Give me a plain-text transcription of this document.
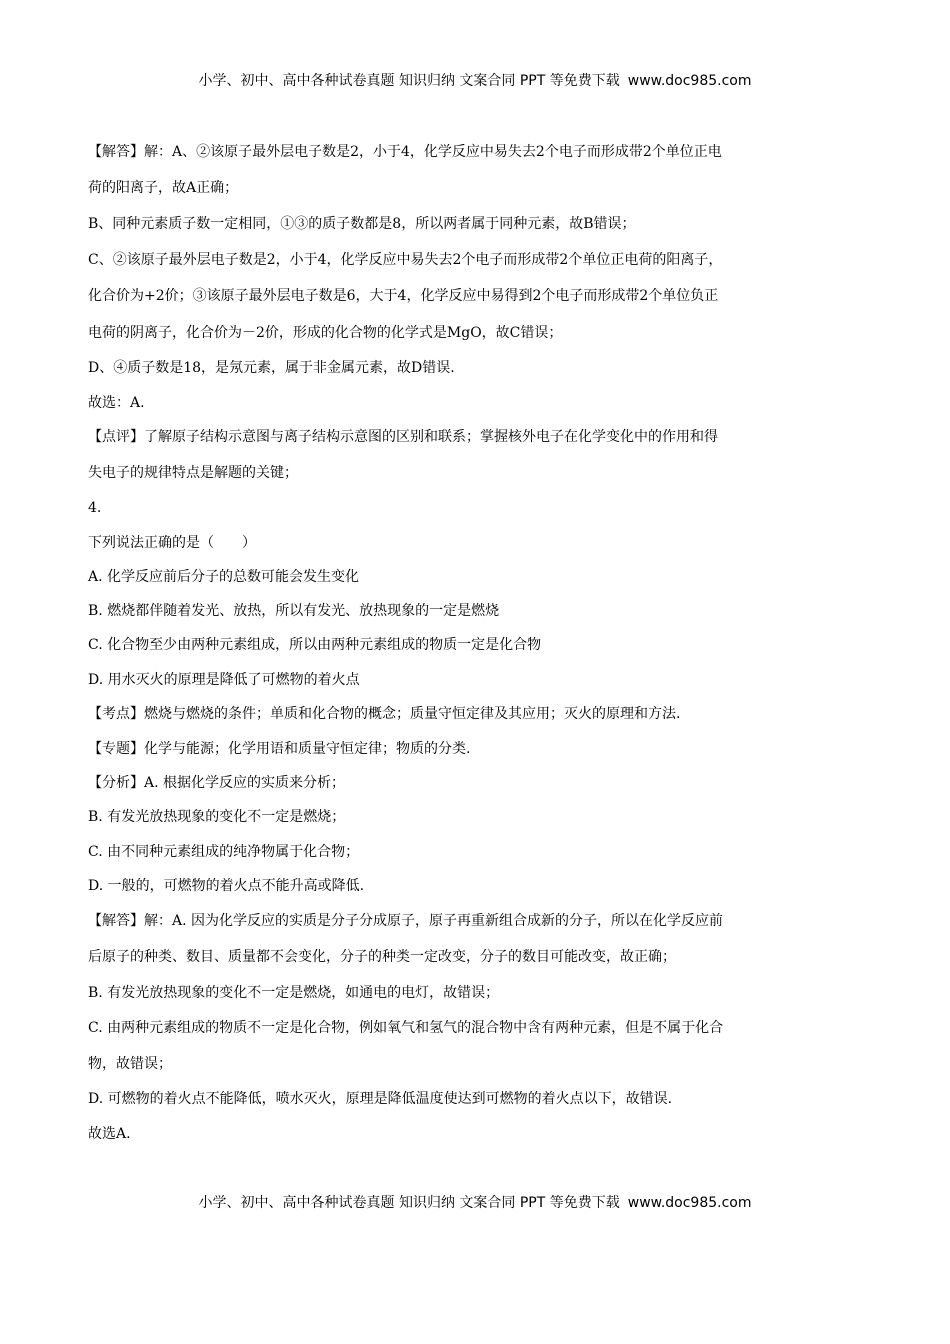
小学、初中、高中各种试卷真题 知识归纳 文案合同 PPT 等免费下载 www.doc985.com
【解答】解：A、②该原子最外层电子数是2，小于4，化学反应中易失去2个电子而形成带2个单位正电
荷的阳离子，故A正确；
B、同种元素质子数一定相同，①③的质子数都是8，所以两者属于同种元素，故B错误；
C、②该原子最外层电子数是2，小于4，化学反应中易失去2个电子而形成带2个单位正电荷的阳离子，
化合价为+2价；③该原子最外层电子数是6，大于4，化学反应中易得到2个电子而形成带2个单位负正
电荷的阴离子，化合价为－2价，形成的化合物的化学式是MgO，故C错误；
D、④质子数是18，是氖元素，属于非金属元素，故D错误.
故选：A.
【点评】了解原子结构示意图与离子结构示意图的区别和联系；掌握核外电子在化学变化中的作用和得
失电子的规律特点是解题的关键；
4.
下列说法正确的是（　　）
A. 化学反应前后分子的总数可能会发生变化
B. 燃烧都伴随着发光、放热，所以有发光、放热现象的一定是燃烧
C. 化合物至少由两种元素组成，所以由两种元素组成的物质一定是化合物
D. 用水灭火的原理是降低了可燃物的着火点
【考点】燃烧与燃烧的条件；单质和化合物的概念；质量守恒定律及其应用；灭火的原理和方法.
【专题】化学与能源；化学用语和质量守恒定律；物质的分类.
【分析】A. 根据化学反应的实质来分析；
B. 有发光放热现象的变化不一定是燃烧；
C. 由不同种元素组成的纯净物属于化合物；
D. 一般的，可燃物的着火点不能升高或降低.
【解答】解：A. 因为化学反应的实质是分子分成原子，原子再重新组合成新的分子，所以在化学反应前
后原子的种类、数目、质量都不会变化，分子的种类一定改变，分子的数目可能改变，故正确；
B. 有发光放热现象的变化不一定是燃烧，如通电的电灯，故错误；
C. 由两种元素组成的物质不一定是化合物，例如氧气和氢气的混合物中含有两种元素，但是不属于化合
物，故错误；
D. 可燃物的着火点不能降低，喷水灭火，原理是降低温度使达到可燃物的着火点以下，故错误.
故选A.
小学、初中、高中各种试卷真题 知识归纳 文案合同 PPT 等免费下载 www.doc985.com
